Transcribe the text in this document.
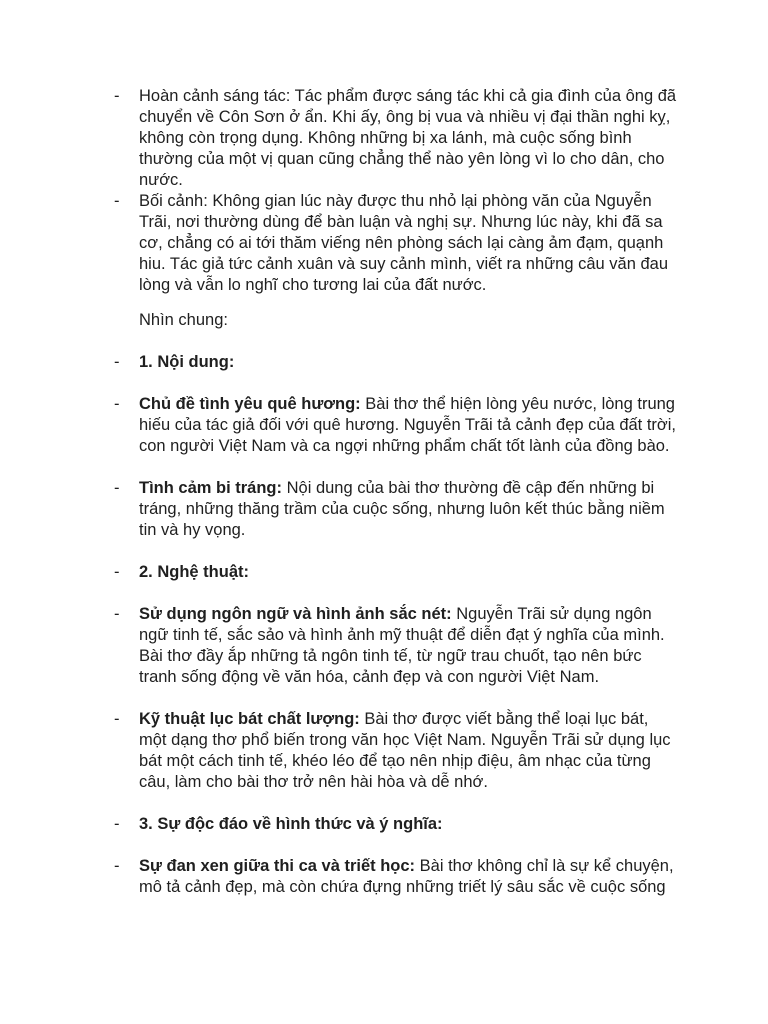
- Hoàn cảnh sáng tác: Tác phẩm được sáng tác khi cả gia đình của ông đã chuyển về Côn Sơn ở ẩn. Khi ấy, ông bị vua và nhiều vị đại thần nghi kỵ, không còn trọng dụng. Không những bị xa lánh, mà cuộc sống bình thường của một vị quan cũng chẳng thể nào yên lòng vì lo cho dân, cho nước.
- Bối cảnh: Không gian lúc này được thu nhỏ lại phòng văn của Nguyễn Trãi, nơi thường dùng để bàn luận và nghị sự. Nhưng lúc này, khi đã sa cơ, chẳng có ai tới thăm viếng nên phòng sách lại càng ảm đạm, quạnh hiu. Tác giả tức cảnh xuân và suy cảnh mình, viết ra những câu văn đau lòng và vẫn lo nghĩ cho tương lai của đất nước.
Nhìn chung:
- 1. Nội dung:
- Chủ đề tình yêu quê hương: Bài thơ thể hiện lòng yêu nước, lòng trung hiếu của tác giả đối với quê hương. Nguyễn Trãi tả cảnh đẹp của đất trời, con người Việt Nam và ca ngợi những phẩm chất tốt lành của đồng bào.
- Tình cảm bi tráng: Nội dung của bài thơ thường đề cập đến những bi tráng, những thăng trầm của cuộc sống, nhưng luôn kết thúc bằng niềm tin và hy vọng.
- 2. Nghệ thuật:
- Sử dụng ngôn ngữ và hình ảnh sắc nét: Nguyễn Trãi sử dụng ngôn ngữ tinh tế, sắc sảo và hình ảnh mỹ thuật để diễn đạt ý nghĩa của mình. Bài thơ đầy ắp những tả ngôn tinh tế, từ ngữ trau chuốt, tạo nên bức tranh sống động về văn hóa, cảnh đẹp và con người Việt Nam.
- Kỹ thuật lục bát chất lượng: Bài thơ được viết bằng thể loại lục bát, một dạng thơ phổ biến trong văn học Việt Nam. Nguyễn Trãi sử dụng lục bát một cách tinh tế, khéo léo để tạo nên nhịp điệu, âm nhạc của từng câu, làm cho bài thơ trở nên hài hòa và dễ nhớ.
- 3. Sự độc đáo về hình thức và ý nghĩa:
- Sự đan xen giữa thi ca và triết học: Bài thơ không chỉ là sự kể chuyện, mô tả cảnh đẹp, mà còn chứa đựng những triết lý sâu sắc về cuộc sống
